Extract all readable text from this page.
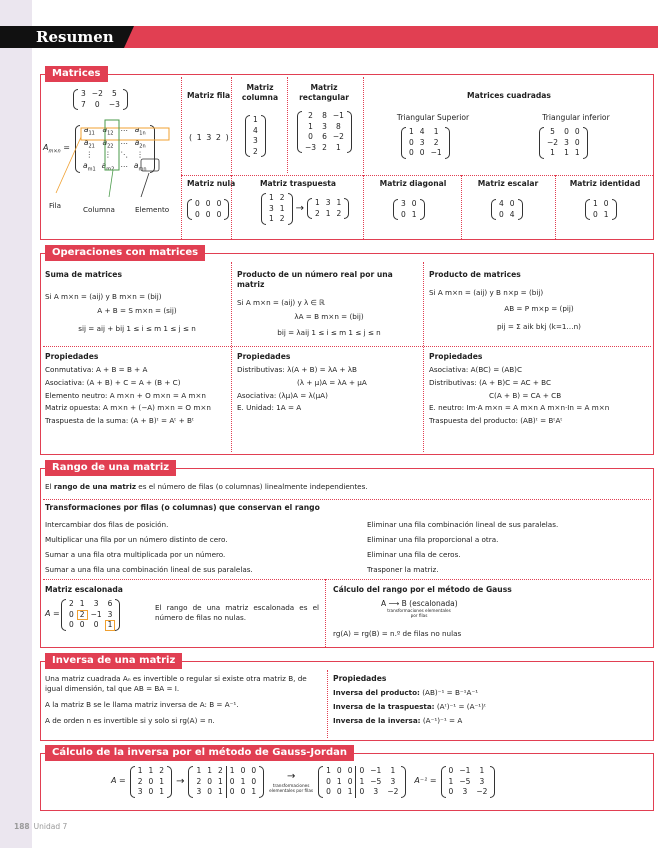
Resumen
Matrices
3	−2	5
7	0	−3
$A_{m\times n}$ =
$a_{11}$	$a_{12}$	⋯	$a_{1n}$
$a_{21}$	$a_{22}$	⋯	$a_{2n}$
⋮	⋮	⋱	⋮
$a_{m1}$	$a_{m2}$	⋯	$a_{mn}$
Fila	Columna	Elemento
Matriz fila
( 1 3 2 )
Matriz columna
1
4
3
2
Matriz rectangular
2	8	−1
1	3	8
0	6	−2
−3	2	1
Matrices cuadradas
Triangular Superior
1	4	1
0	3	2
0	0	−1
Triangular inferior
5	0	0
−2	3	0
1	1	1
Matriz nula
0	0	0
0	0	0
Matriz traspuesta
1	2
3	1
1	2
→
1	3	1
2	1	2
Matriz diagonal
3	0
0	1
Matriz escalar
4	0
0	4
Matriz identidad
1	0
0	1
Operaciones con matrices
Suma de matrices
Si A m×n = (aij) y B m×n = (bij)
A + B = S m×n = (sij)
sij = aij + bij 1 ≤ i ≤ m 1 ≤ j ≤ n
Producto de un número real por una matriz
Si A m×n = (aij) y λ ∈ ℝ
λA = B m×n = (bij)
bij = λaij 1 ≤ i ≤ m 1 ≤ j ≤ n
Producto de matrices
Si A m×n = (aij) y B n×p = (bij)
AB = P m×p = (pij)
pij = Σ aik bkj (k=1…n)
Propiedades
Conmutativa: A + B = B + A
Asociativa: (A + B) + C = A + (B + C)
Elemento neutro: A m×n + O m×n = A m×n
Matriz opuesta: A m×n + (−A) m×n = O m×n
Traspuesta de la suma: (A + B)ᵗ = Aᵗ + Bᵗ
Propiedades
Distributivas: λ(A + B) = λA + λB
(λ + μ)A = λA + μA
Asociativa: (λμ)A = λ(μA)
E. Unidad: 1A = A
Propiedades
Asociativa: A(BC) = (AB)C
Distributivas: (A + B)C = AC + BC
C(A + B) = CA + CB
E. neutro: Im·A m×n = A m×n A m×n·In = A m×n
Traspuesta del producto: (AB)ᵗ = BᵗAᵗ
Rango de una matriz
El rango de una matriz es el número de filas (o columnas) linealmente independientes.
Transformaciones por filas (o columnas) que conservan el rango
Intercambiar dos filas de posición.
Multiplicar una fila por un número distinto de cero.
Sumar a una fila otra multiplicada por un número.
Sumar a una fila una combinación lineal de sus paralelas.
Eliminar una fila combinación lineal de sus paralelas.
Eliminar una fila proporcional a otra.
Eliminar una fila de ceros.
Trasponer la matriz.
Matriz escalonada
A =
2	1	3	6
0	2	−1	3
0	0	0	1
El rango de una matriz escalonada es el número de filas no nulas.
Cálculo del rango por el método de Gauss
A ⟶ B (escalonada)
transformaciones elementales por filas
rg(A) = rg(B) = n.º de filas no nulas
Inversa de una matriz
Una matriz cuadrada Aₙ es invertible o regular si existe otra matriz B, de igual dimensión, tal que AB = BA = I.
A la matriz B se le llama matriz inversa de A: B = A⁻¹.
A de orden n es invertible si y solo si rg(A) = n.
Propiedades
Inversa del producto: (AB)⁻¹ = B⁻¹A⁻¹
Inversa de la traspuesta: (Aᵗ)⁻¹ = (A⁻¹)ᵗ
Inversa de la inversa: (A⁻¹)⁻¹ = A
Cálculo de la inversa por el método de Gauss-Jordan
A =
1	1	2
2	0	1
3	0	1
→
1	1	2	1	0	0
2	0	1	0	1	0
3	0	1	0	0	1
→
transformaciones elementales por filas
1	0	0	0	−1	1
0	1	0	1	−5	3
0	0	1	0	3	−2
A⁻¹ =
0	−1	1
1	−5	3
0	3	−2
188 Unidad 7
